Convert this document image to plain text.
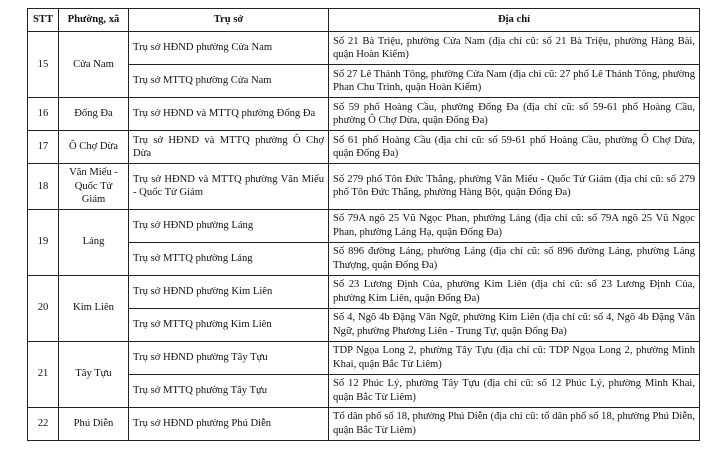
STT	Phường, xã	Trụ sở	Địa chỉ
15	Cửa Nam	Trụ sở HĐND phường Cửa Nam	Số 21 Bà Triệu, phường Cửa Nam (địa chỉ cũ: số 21 Bà Triệu, phường Hàng Bài, quận Hoàn Kiếm)
		Trụ sở MTTQ phường Cửa Nam	Số 27 Lê Thánh Tông, phường Cửa Nam (địa chỉ cũ: 27 phố Lê Thánh Tông, phường Phan Chu Trinh, quận Hoàn Kiếm)
16	Đống Đa	Trụ sở HĐND và MTTQ phường Đống Đa	Số 59 phố Hoàng Cầu, phường Đống Đa (địa chỉ cũ: số 59-61 phố Hoàng Cầu, phường Ô Chợ Dừa, quận Đống Đa)
17	Ô Chợ Dừa	Trụ sở HĐND và MTTQ phường Ô Chợ Dừa	Số 61 phố Hoàng Cầu (địa chỉ cũ: số 59-61 phố Hoàng Cầu, phường Ô Chợ Dừa, quận Đống Đa)
18	Văn Miếu - Quốc Tử Giám	Trụ sở HĐND và MTTQ phường Văn Miếu - Quốc Tử Giám	Số 279 phố Tôn Đức Thắng, phường Văn Miếu - Quốc Tử Giám (địa chỉ cũ: số 279 phố Tôn Đức Thắng, phường Hàng Bột, quận Đống Đa)
19	Láng	Trụ sở HĐND phường Láng	Số 79A ngõ 25 Vũ Ngọc Phan, phường Láng (địa chỉ cũ: số 79A ngõ 25 Vũ Ngọc Phan, phường Láng Hạ, quận Đống Đa)
		Trụ sở MTTQ phường Láng	Số 896 đường Láng, phường Láng (địa chỉ cũ: số 896 đường Láng, phường Láng Thượng, quận Đống Đa)
20	Kim Liên	Trụ sở HĐND phường Kim Liên	Số 23 Lương Định Của, phường Kim Liên (địa chỉ cũ: số 23 Lương Định Của, phường Kim Liên, quận Đống Đa)
		Trụ sở MTTQ phường Kim Liên	Số 4, Ngõ 4b Đặng Văn Ngữ, phường Kim Liên (địa chỉ cũ: số 4, Ngõ 4b Đặng Văn Ngữ, phường Phương Liên - Trung Tự, quận Đống Đa)
21	Tây Tựu	Trụ sở HĐND phường Tây Tựu	TDP Ngọa Long 2, phường Tây Tựu (địa chỉ cũ: TDP Ngọa Long 2, phường Minh Khai, quận Bắc Từ Liêm)
		Trụ sở MTTQ phường Tây Tựu	Số 12 Phúc Lý, phường Tây Tựu (địa chỉ cũ: số 12 Phúc Lý, phường Minh Khai, quận Bắc Từ Liêm)
22	Phú Diễn	Trụ sở HĐND phường Phú Diễn	Tổ dân phố số 18, phường Phú Diễn (địa chỉ cũ: tổ dân phố số 18, phường Phú Diễn, quận Bắc Từ Liêm)
